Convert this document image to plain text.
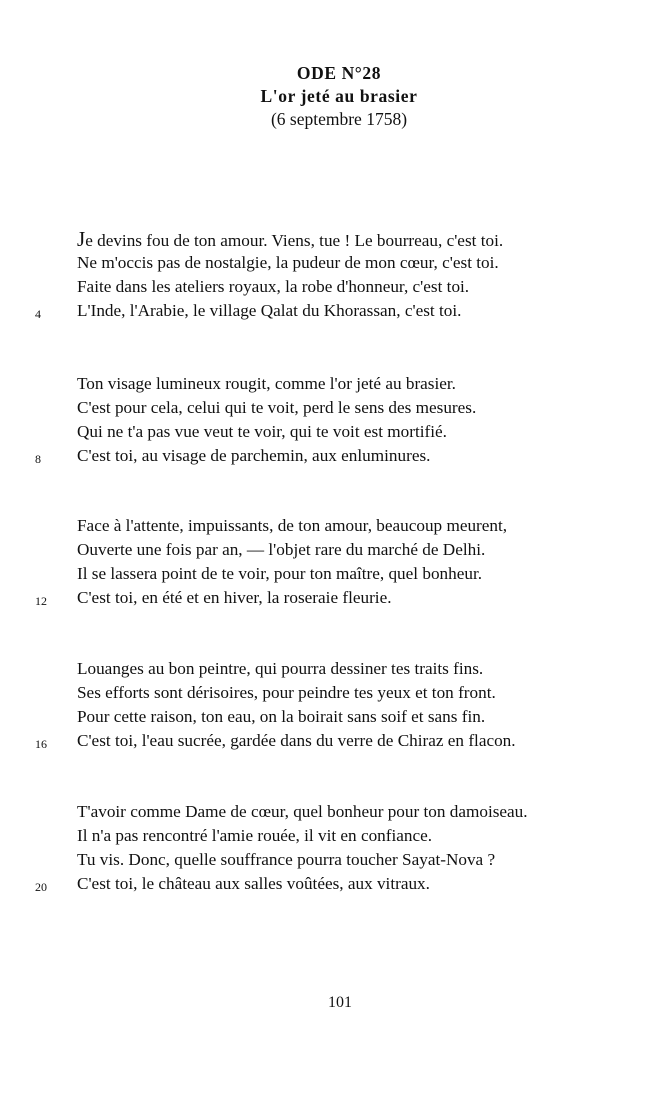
ODE N°28
L'or jeté au brasier
(6 septembre 1758)
Je devins fou de ton amour. Viens, tue ! Le bourreau, c'est toi.
Ne m'occis pas de nostalgie, la pudeur de mon cœur, c'est toi.
Faite dans les ateliers royaux, la robe d'honneur, c'est toi.
4 L'Inde, l'Arabie, le village Qalat du Khorassan, c'est toi.
Ton visage lumineux rougit, comme l'or jeté au brasier.
C'est pour cela, celui qui te voit, perd le sens des mesures.
Qui ne t'a pas vue veut te voir, qui te voit est mortifié.
8 C'est toi, au visage de parchemin, aux enluminures.
Face à l'attente, impuissants, de ton amour, beaucoup meurent,
Ouverte une fois par an, — l'objet rare du marché de Delhi.
Il se lassera point de te voir, pour ton maître, quel bonheur.
12 C'est toi, en été et en hiver, la roseraie fleurie.
Louanges au bon peintre, qui pourra dessiner tes traits fins.
Ses efforts sont dérisoires, pour peindre tes yeux et ton front.
Pour cette raison, ton eau, on la boirait sans soif et sans fin.
16 C'est toi, l'eau sucrée, gardée dans du verre de Chiraz en flacon.
T'avoir comme Dame de cœur, quel bonheur pour ton damoiseau.
Il n'a pas rencontré l'amie rouée, il vit en confiance.
Tu vis. Donc, quelle souffrance pourra toucher Sayat-Nova ?
20 C'est toi, le château aux salles voûtées, aux vitraux.
101
